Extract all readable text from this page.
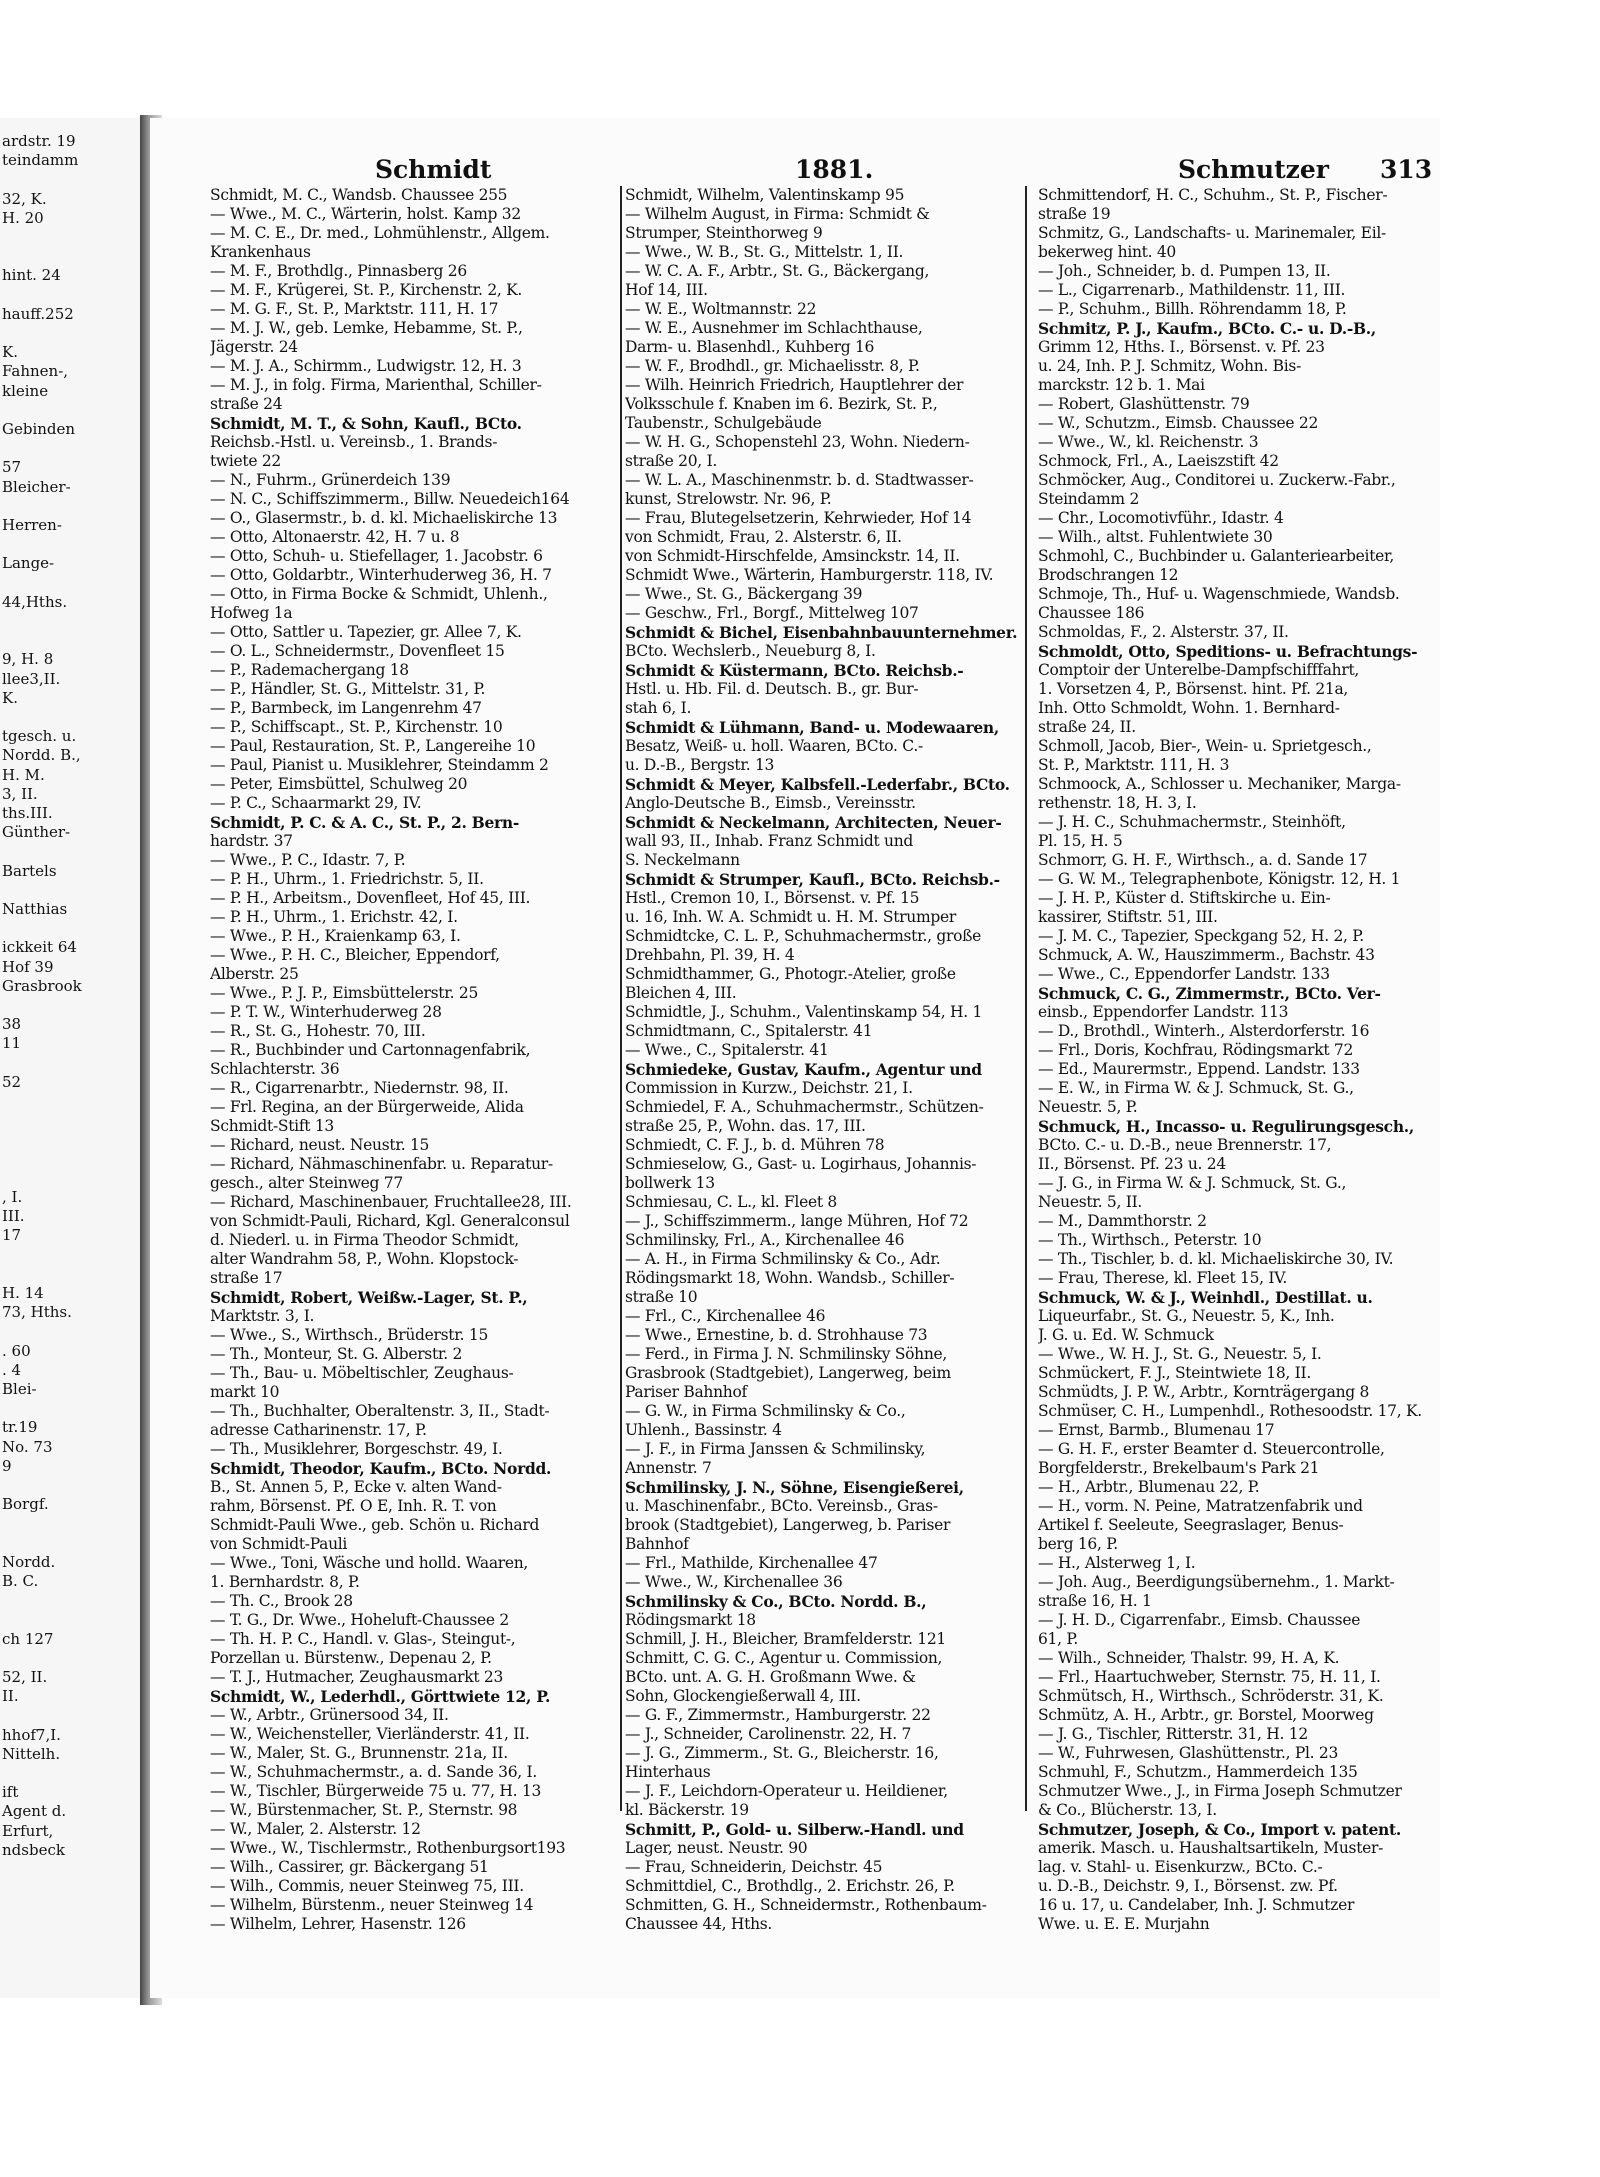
ardstr. 19
teindamm
32, K.
H. 20
hint. 24
hauff.252
K.
Fahnen-,
kleine
Gebinden
57
Bleicher-
Herren-
Lange-
44,Hths.
9, H. 8
llee3,II.
K.
tgesch. u.
Nordd. B.,
H. M.
3, II.
ths.III.
Günther-
Bartels
Natthias
ickkeit 64
Hof 39
Grasbrook
38
11
52
, I.
III.
17
H. 14
73, Hths.
. 60
. 4
Blei-
tr.19
No. 73
9
Borgf.
Nordd.
B. C.
ch 127
52, II.
II.
hhof7,I.
Nittelh.
ift
Agent d.
Erfurt,
ndsbeck
Schmidt	1881.	Schmutzer 313
Schmidt, M. C., Wandsb. Chaussee 255
— Wwe., M. C., Wärterin, holst. Kamp 32
— M. C. E., Dr. med., Lohmühlenstr., Allgem.
Krankenhaus
— M. F., Brothdlg., Pinnasberg 26
— M. F., Krügerei, St. P., Kirchenstr. 2, K.
— M. G. F., St. P., Marktstr. 111, H. 17
— M. J. W., geb. Lemke, Hebamme, St. P.,
Jägerstr. 24
— M. J. A., Schirmm., Ludwigstr. 12, H. 3
— M. J., in folg. Firma, Marienthal, Schiller-
straße 24
Schmidt, M. T., & Sohn, Kaufl., BCto.
Reichsb.-Hstl. u. Vereinsb., 1. Brands-
twiete 22
— N., Fuhrm., Grünerdeich 139
— N. C., Schiffszimmerm., Billw. Neuedeich164
— O., Glasermstr., b. d. kl. Michaeliskirche 13
— Otto, Altonaerstr. 42, H. 7 u. 8
— Otto, Schuh- u. Stiefellager, 1. Jacobstr. 6
— Otto, Goldarbtr., Winterhuderweg 36, H. 7
— Otto, in Firma Bocke & Schmidt, Uhlenh.,
Hofweg 1a
— Otto, Sattler u. Tapezier, gr. Allee 7, K.
— O. L., Schneidermstr., Dovenfleet 15
— P., Rademachergang 18
— P., Händler, St. G., Mittelstr. 31, P.
— P., Barmbeck, im Langenrehm 47
— P., Schiffscapt., St. P., Kirchenstr. 10
— Paul, Restauration, St. P., Langereihe 10
— Paul, Pianist u. Musiklehrer, Steindamm 2
— Peter, Eimsbüttel, Schulweg 20
— P. C., Schaarmarkt 29, IV.
Schmidt, P. C. & A. C., St. P., 2. Bern-
hardstr. 37
— Wwe., P. C., Idastr. 7, P.
— P. H., Uhrm., 1. Friedrichstr. 5, II.
— P. H., Arbeitsm., Dovenfleet, Hof 45, III.
— P. H., Uhrm., 1. Erichstr. 42, I.
— Wwe., P. H., Kraienkamp 63, I.
— Wwe., P. H. C., Bleicher, Eppendorf,
Alberstr. 25
— Wwe., P. J. P., Eimsbüttelerstr. 25
— P. T. W., Winterhuderweg 28
— R., St. G., Hohestr. 70, III.
— R., Buchbinder und Cartonnagenfabrik,
Schlachterstr. 36
— R., Cigarrenarbtr., Niedernstr. 98, II.
— Frl. Regina, an der Bürgerweide, Alida
Schmidt-Stift 13
— Richard, neust. Neustr. 15
— Richard, Nähmaschinenfabr. u. Reparatur-
gesch., alter Steinweg 77
— Richard, Maschinenbauer, Fruchtallee28, III.
von Schmidt-Pauli, Richard, Kgl. Generalconsul
d. Niederl. u. in Firma Theodor Schmidt,
alter Wandrahm 58, P., Wohn. Klopstock-
straße 17
Schmidt, Robert, Weißw.-Lager, St. P.,
Marktstr. 3, I.
— Wwe., S., Wirthsch., Brüderstr. 15
— Th., Monteur, St. G. Alberstr. 2
— Th., Bau- u. Möbeltischler, Zeughaus-
markt 10
— Th., Buchhalter, Oberaltenstr. 3, II., Stadt-
adresse Catharinenstr. 17, P.
— Th., Musiklehrer, Borgeschstr. 49, I.
Schmidt, Theodor, Kaufm., BCto. Nordd.
B., St. Annen 5, P., Ecke v. alten Wand-
rahm, Börsenst. Pf. O E, Inh. R. T. von
Schmidt-Pauli Wwe., geb. Schön u. Richard
von Schmidt-Pauli
— Wwe., Toni, Wäsche und holld. Waaren,
1. Bernhardstr. 8, P.
— Th. C., Brook 28
— T. G., Dr. Wwe., Hoheluft-Chaussee 2
— Th. H. P. C., Handl. v. Glas-, Steingut-,
Porzellan u. Bürstenw., Depenau 2, P.
— T. J., Hutmacher, Zeughausmarkt 23
Schmidt, W., Lederhdl., Görttwiete 12, P.
— W., Arbtr., Grünersood 34, II.
— W., Weichensteller, Vierländerstr. 41, II.
— W., Maler, St. G., Brunnenstr. 21a, II.
— W., Schuhmachermstr., a. d. Sande 36, I.
— W., Tischler, Bürgerweide 75 u. 77, H. 13
— W., Bürstenmacher, St. P., Sternstr. 98
— W., Maler, 2. Alsterstr. 12
— Wwe., W., Tischlermstr., Rothenburgsort193
— Wilh., Cassirer, gr. Bäckergang 51
— Wilh., Commis, neuer Steinweg 75, III.
— Wilhelm, Bürstenm., neuer Steinweg 14
— Wilhelm, Lehrer, Hasenstr. 126
Schmidt, Wilhelm, Valentinskamp 95
— Wilhelm August, in Firma: Schmidt &
Strumper, Steinthorweg 9
— Wwe., W. B., St. G., Mittelstr. 1, II.
— W. C. A. F., Arbtr., St. G., Bäckergang,
Hof 14, III.
— W. E., Woltmannstr. 22
— W. E., Ausnehmer im Schlachthause,
Darm- u. Blasenhdl., Kuhberg 16
— W. F., Brodhdl., gr. Michaelisstr. 8, P.
— Wilh. Heinrich Friedrich, Hauptlehrer der
Volksschule f. Knaben im 6. Bezirk, St. P.,
Taubenstr., Schulgebäude
— W. H. G., Schopenstehl 23, Wohn. Niedern-
straße 20, I.
— W. L. A., Maschinenmstr. b. d. Stadtwasser-
kunst, Strelowstr. Nr. 96, P.
— Frau, Blutegelsetzerin, Kehrwieder, Hof 14
von Schmidt, Frau, 2. Alsterstr. 6, II.
von Schmidt-Hirschfelde, Amsinckstr. 14, II.
Schmidt Wwe., Wärterin, Hamburgerstr. 118, IV.
— Wwe., St. G., Bäckergang 39
— Geschw., Frl., Borgf., Mittelweg 107
Schmidt & Bichel, Eisenbahnbauunternehmer.
BCto. Wechslerb., Neueburg 8, I.
Schmidt & Küstermann, BCto. Reichsb.-
Hstl. u. Hb. Fil. d. Deutsch. B., gr. Bur-
stah 6, I.
Schmidt & Lühmann, Band- u. Modewaaren,
Besatz, Weiß- u. holl. Waaren, BCto. C.-
u. D.-B., Bergstr. 13
Schmidt & Meyer, Kalbsfell.-Lederfabr., BCto.
Anglo-Deutsche B., Eimsb., Vereinsstr.
Schmidt & Neckelmann, Architecten, Neuer-
wall 93, II., Inhab. Franz Schmidt und
S. Neckelmann
Schmidt & Strumper, Kaufl., BCto. Reichsb.-
Hstl., Cremon 10, I., Börsenst. v. Pf. 15
u. 16, Inh. W. A. Schmidt u. H. M. Strumper
Schmidtcke, C. L. P., Schuhmachermstr., große
Drehbahn, Pl. 39, H. 4
Schmidthammer, G., Photogr.-Atelier, große
Bleichen 4, III.
Schmidtle, J., Schuhm., Valentinskamp 54, H. 1
Schmidtmann, C., Spitalerstr. 41
— Wwe., C., Spitalerstr. 41
Schmiedeke, Gustav, Kaufm., Agentur und
Commission in Kurzw., Deichstr. 21, I.
Schmiedel, F. A., Schuhmachermstr., Schützen-
straße 25, P., Wohn. das. 17, III.
Schmiedt, C. F. J., b. d. Mühren 78
Schmieselow, G., Gast- u. Logirhaus, Johannis-
bollwerk 13
Schmiesau, C. L., kl. Fleet 8
— J., Schiffszimmerm., lange Mühren, Hof 72
Schmilinsky, Frl., A., Kirchenallee 46
— A. H., in Firma Schmilinsky & Co., Adr.
Rödingsmarkt 18, Wohn. Wandsb., Schiller-
straße 10
— Frl., C., Kirchenallee 46
— Wwe., Ernestine, b. d. Strohhause 73
— Ferd., in Firma J. N. Schmilinsky Söhne,
Grasbrook (Stadtgebiet), Langerweg, beim
Pariser Bahnhof
— G. W., in Firma Schmilinsky & Co.,
Uhlenh., Bassinstr. 4
— J. F., in Firma Janssen & Schmilinsky,
Annenstr. 7
Schmilinsky, J. N., Söhne, Eisengießerei,
u. Maschinenfabr., BCto. Vereinsb., Gras-
brook (Stadtgebiet), Langerweg, b. Pariser
Bahnhof
— Frl., Mathilde, Kirchenallee 47
— Wwe., W., Kirchenallee 36
Schmilinsky & Co., BCto. Nordd. B.,
Rödingsmarkt 18
Schmill, J. H., Bleicher, Bramfelderstr. 121
Schmitt, C. G. C., Agentur u. Commission,
BCto. unt. A. G. H. Großmann Wwe. &
Sohn, Glockengießerwall 4, III.
— G. F., Zimmermstr., Hamburgerstr. 22
— J., Schneider, Carolinenstr. 22, H. 7
— J. G., Zimmerm., St. G., Bleicherstr. 16,
Hinterhaus
— J. F., Leichdorn-Operateur u. Heildiener,
kl. Bäckerstr. 19
Schmitt, P., Gold- u. Silberw.-Handl. und
Lager, neust. Neustr. 90
— Frau, Schneiderin, Deichstr. 45
Schmittdiel, C., Brothdlg., 2. Erichstr. 26, P.
Schmitten, G. H., Schneidermstr., Rothenbaum-
Chaussee 44, Hths.
Schmittendorf, H. C., Schuhm., St. P., Fischer-
straße 19
Schmitz, G., Landschafts- u. Marinemaler, Eil-
bekerweg hint. 40
— Joh., Schneider, b. d. Pumpen 13, II.
— L., Cigarrenarb., Mathildenstr. 11, III.
— P., Schuhm., Billh. Röhrendamm 18, P.
Schmitz, P. J., Kaufm., BCto. C.- u. D.-B.,
Grimm 12, Hths. I., Börsenst. v. Pf. 23
u. 24, Inh. P. J. Schmitz, Wohn. Bis-
marckstr. 12 b. 1. Mai
— Robert, Glashüttenstr. 79
— W., Schutzm., Eimsb. Chaussee 22
— Wwe., W., kl. Reichenstr. 3
Schmock, Frl., A., Laeiszstift 42
Schmöcker, Aug., Conditorei u. Zuckerw.-Fabr.,
Steindamm 2
— Chr., Locomotivführ., Idastr. 4
— Wilh., altst. Fuhlentwiete 30
Schmohl, C., Buchbinder u. Galanteriearbeiter,
Brodschrangen 12
Schmoje, Th., Huf- u. Wagenschmiede, Wandsb.
Chaussee 186
Schmoldas, F., 2. Alsterstr. 37, II.
Schmoldt, Otto, Speditions- u. Befrachtungs-
Comptoir der Unterelbe-Dampfschifffahrt,
1. Vorsetzen 4, P., Börsenst. hint. Pf. 21a,
Inh. Otto Schmoldt, Wohn. 1. Bernhard-
straße 24, II.
Schmoll, Jacob, Bier-, Wein- u. Sprietgesch.,
St. P., Marktstr. 111, H. 3
Schmoock, A., Schlosser u. Mechaniker, Marga-
rethenstr. 18, H. 3, I.
— J. H. C., Schuhmachermstr., Steinhöft,
Pl. 15, H. 5
Schmorr, G. H. F., Wirthsch., a. d. Sande 17
— G. W. M., Telegraphenbote, Königstr. 12, H. 1
— J. H. P., Küster d. Stiftskirche u. Ein-
kassirer, Stiftstr. 51, III.
— J. M. C., Tapezier, Speckgang 52, H. 2, P.
Schmuck, A. W., Hauszimmerm., Bachstr. 43
— Wwe., C., Eppendorfer Landstr. 133
Schmuck, C. G., Zimmermstr., BCto. Ver-
einsb., Eppendorfer Landstr. 113
— D., Brothdl., Winterh., Alsterdorferstr. 16
— Frl., Doris, Kochfrau, Rödingsmarkt 72
— Ed., Maurermstr., Eppend. Landstr. 133
— E. W., in Firma W. & J. Schmuck, St. G.,
Neuestr. 5, P.
Schmuck, H., Incasso- u. Regulirungsgesch.,
BCto. C.- u. D.-B., neue Brennerstr. 17,
II., Börsenst. Pf. 23 u. 24
— J. G., in Firma W. & J. Schmuck, St. G.,
Neuestr. 5, II.
— M., Dammthorstr. 2
— Th., Wirthsch., Peterstr. 10
— Th., Tischler, b. d. kl. Michaeliskirche 30, IV.
— Frau, Therese, kl. Fleet 15, IV.
Schmuck, W. & J., Weinhdl., Destillat. u.
Liqueurfabr., St. G., Neuestr. 5, K., Inh.
J. G. u. Ed. W. Schmuck
— Wwe., W. H. J., St. G., Neuestr. 5, I.
Schmückert, F. J., Steintwiete 18, II.
Schmüdts, J. P. W., Arbtr., Kornträgergang 8
Schmüser, C. H., Lumpenhdl., Rothesoodstr. 17, K.
— Ernst, Barmb., Blumenau 17
— G. H. F., erster Beamter d. Steuercontrolle,
Borgfelderstr., Brekelbaum's Park 21
— H., Arbtr., Blumenau 22, P.
— H., vorm. N. Peine, Matratzenfabrik und
Artikel f. Seeleute, Seegraslager, Benus-
berg 16, P.
— H., Alsterweg 1, I.
— Joh. Aug., Beerdigungsübernehm., 1. Markt-
straße 16, H. 1
— J. H. D., Cigarrenfabr., Eimsb. Chaussee
61, P.
— Wilh., Schneider, Thalstr. 99, H. A, K.
— Frl., Haartuchweber, Sternstr. 75, H. 11, I.
Schmütsch, H., Wirthsch., Schröderstr. 31, K.
Schmütz, A. H., Arbtr., gr. Borstel, Moorweg
— J. G., Tischler, Ritterstr. 31, H. 12
— W., Fuhrwesen, Glashüttenstr., Pl. 23
Schmuhl, F., Schutzm., Hammerdeich 135
Schmutzer Wwe., J., in Firma Joseph Schmutzer
& Co., Blücherstr. 13, I.
Schmutzer, Joseph, & Co., Import v. patent.
amerik. Masch. u. Haushaltsartikeln, Muster-
lag. v. Stahl- u. Eisenkurzw., BCto. C.-
u. D.-B., Deichstr. 9, I., Börsenst. zw. Pf.
16 u. 17, u. Candelaber, Inh. J. Schmutzer
Wwe. u. E. E. Murjahn
